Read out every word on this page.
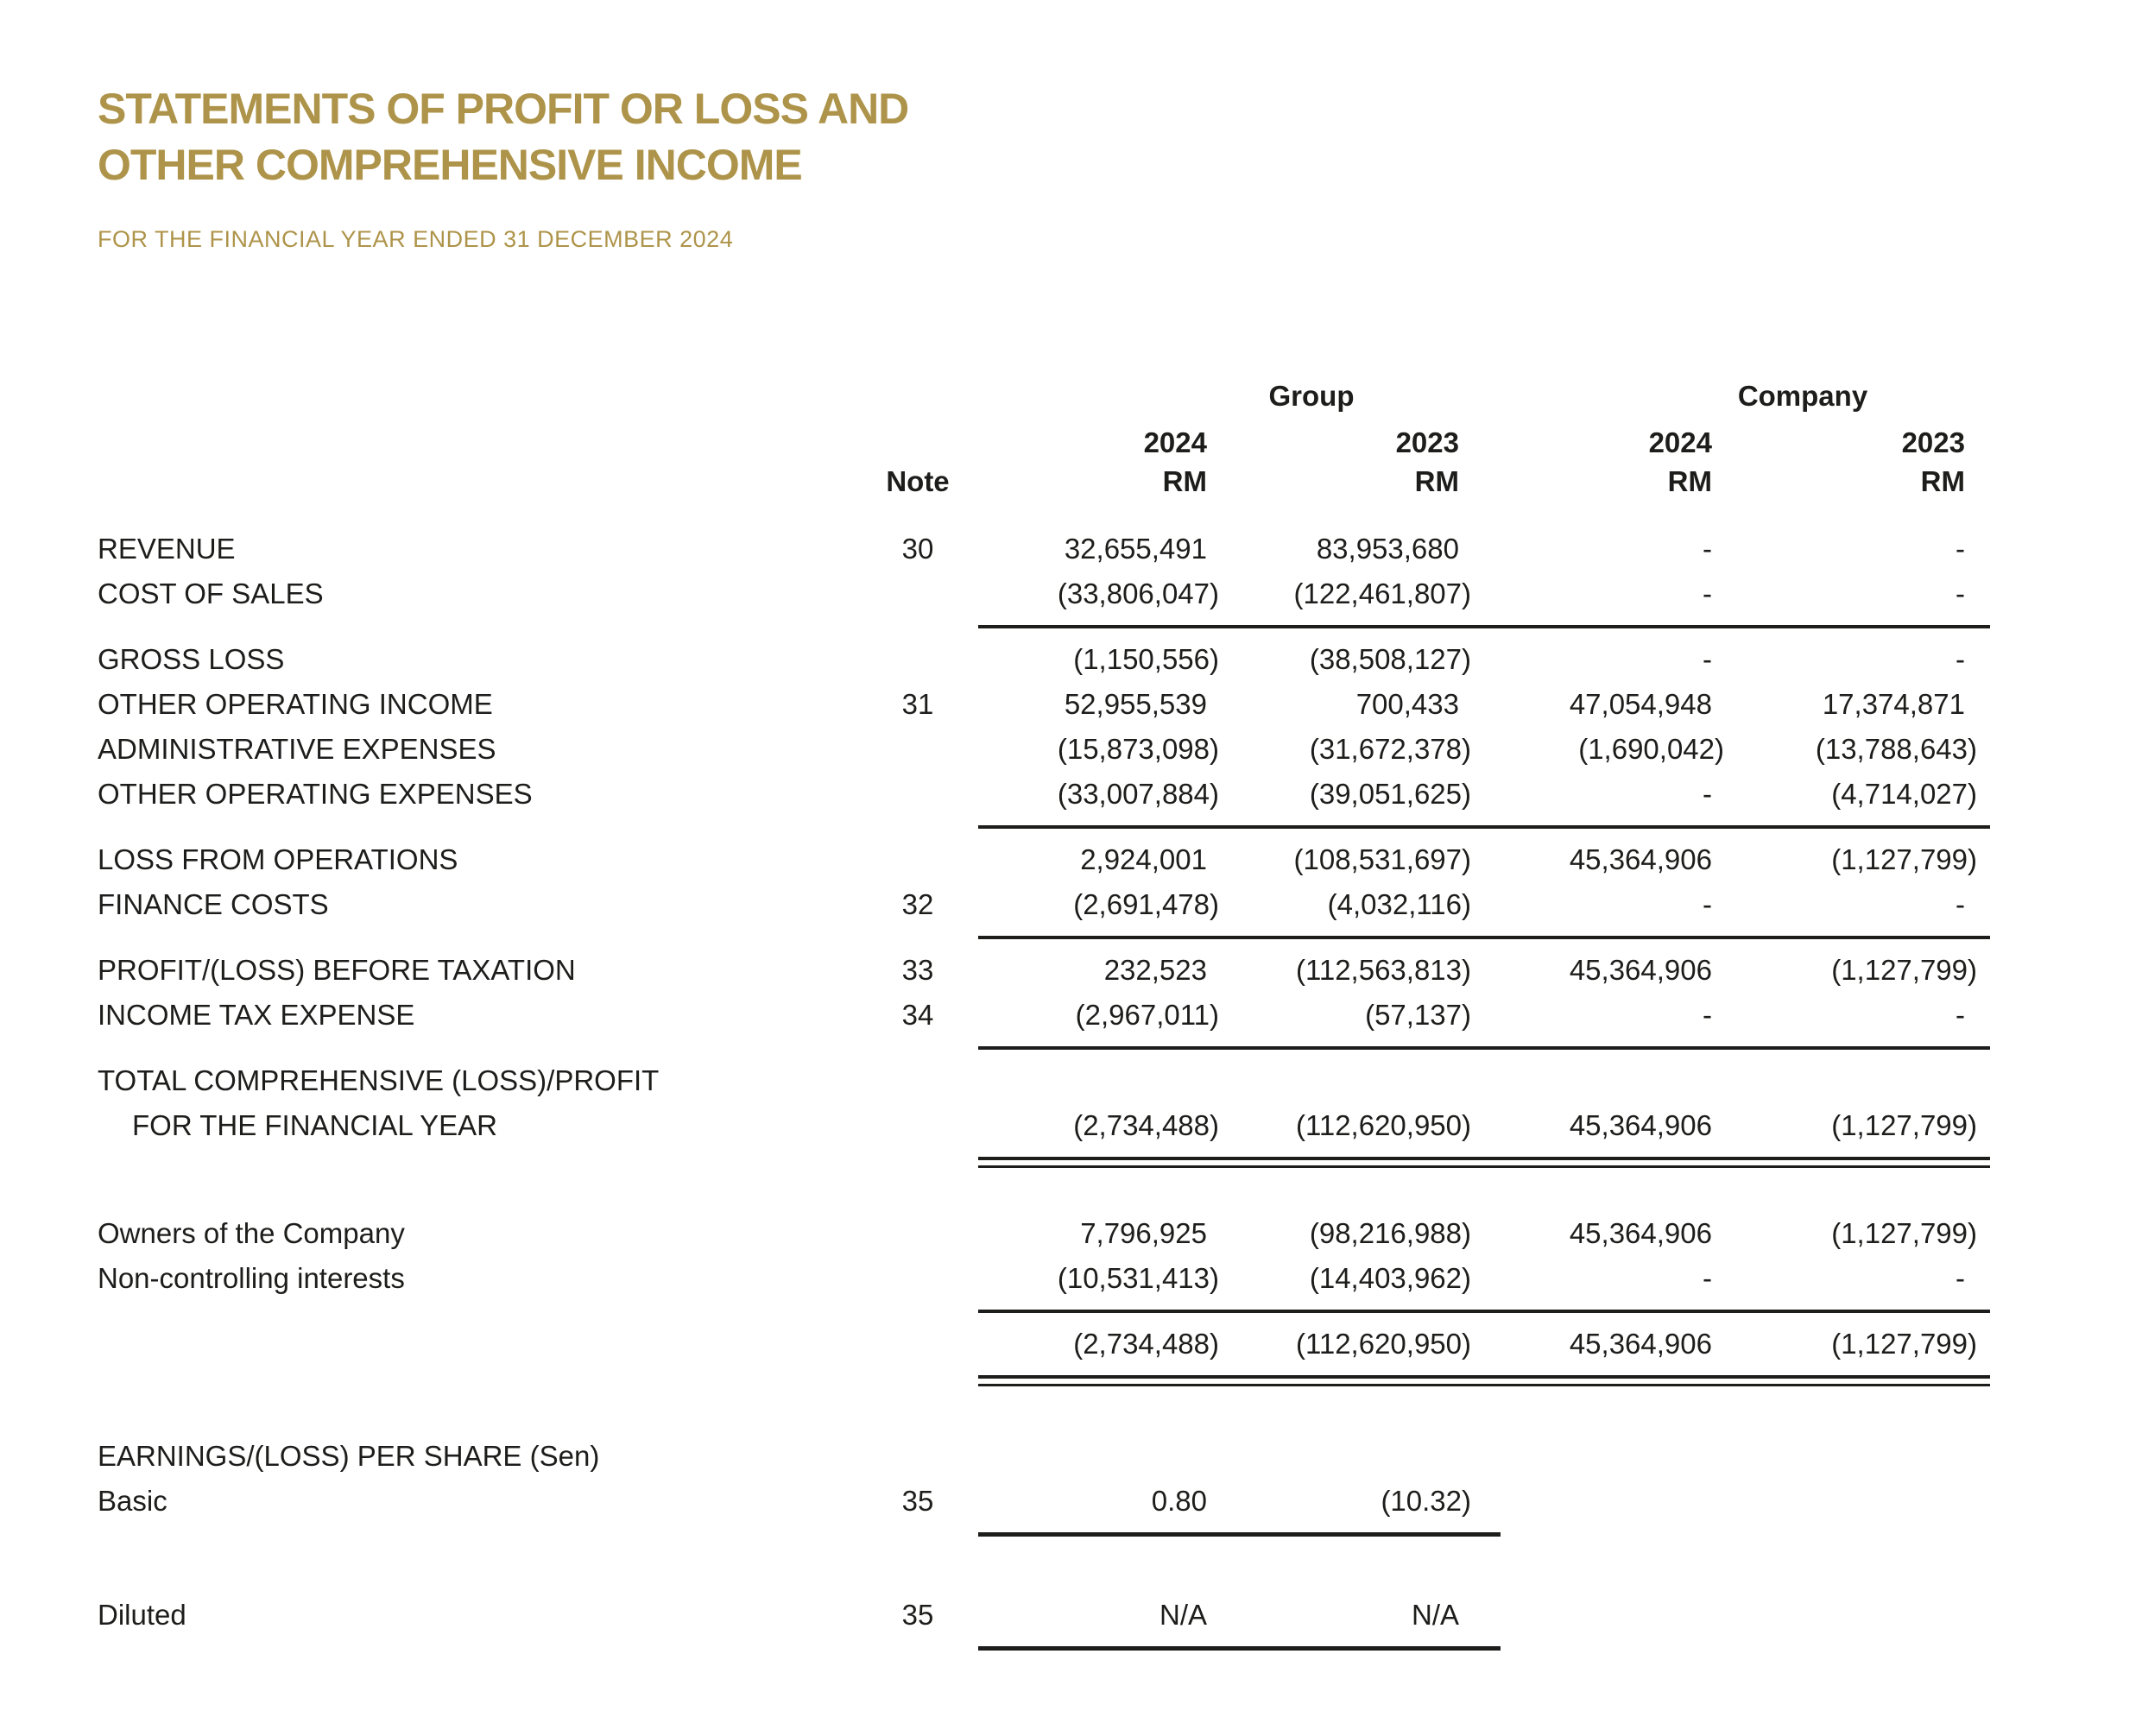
STATEMENTS OF PROFIT OR LOSS AND
OTHER COMPREHENSIVE INCOME
FOR THE FINANCIAL YEAR ENDED 31 DECEMBER 2024
Group	Company
2024	2023	2024	2023
Note	RM	RM	RM	RM
REVENUE	30	32,655,491	83,953,680	-	-
COST OF SALES	(33,806,047)	(122,461,807)	-	-
GROSS LOSS	(1,150,556)	(38,508,127)	-	-
OTHER OPERATING INCOME	31	52,955,539	700,433	47,054,948	17,374,871
ADMINISTRATIVE EXPENSES	(15,873,098)	(31,672,378)	(1,690,042)	(13,788,643)
OTHER OPERATING EXPENSES	(33,007,884)	(39,051,625)	-	(4,714,027)
LOSS FROM OPERATIONS	2,924,001	(108,531,697)	45,364,906	(1,127,799)
FINANCE COSTS	32	(2,691,478)	(4,032,116)	-	-
PROFIT/(LOSS) BEFORE TAXATION	33	232,523	(112,563,813)	45,364,906	(1,127,799)
INCOME TAX EXPENSE	34	(2,967,011)	(57,137)	-	-
TOTAL COMPREHENSIVE (LOSS)/PROFIT
FOR THE FINANCIAL YEAR	(2,734,488)	(112,620,950)	45,364,906	(1,127,799)
Owners of the Company	7,796,925	(98,216,988)	45,364,906	(1,127,799)
Non-controlling interests	(10,531,413)	(14,403,962)	-	-
(2,734,488)	(112,620,950)	45,364,906	(1,127,799)
EARNINGS/(LOSS) PER SHARE (Sen)
Basic	35	0.80	(10.32)
Diluted	35	N/A	N/A
